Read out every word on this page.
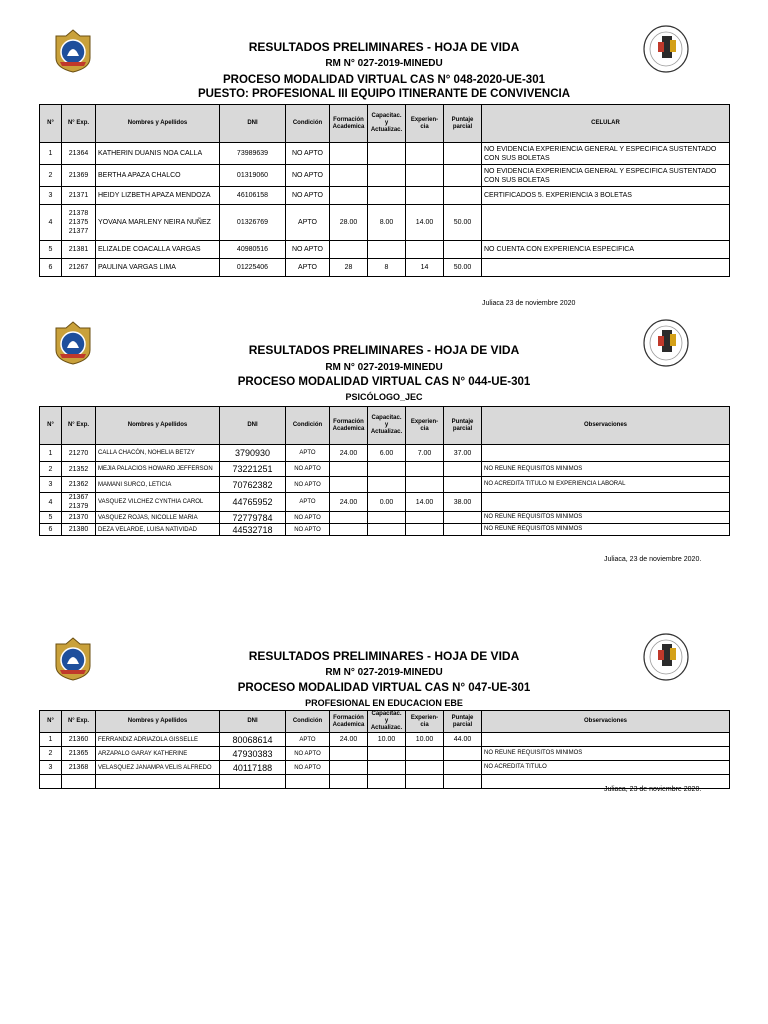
RESULTADOS PRELIMINARES - HOJA DE VIDA
RM N° 027-2019-MINEDU
PROCESO MODALIDAD VIRTUAL CAS N° 048-2020-UE-301
PUESTO: PROFESIONAL III EQUIPO ITINERANTE DE CONVIVENCIA
N°	N° Exp.	Nombres y Apellidos	DNI	Condición	Formación Academica	Capacitac. y Actualizac.	Experien-cia	Puntaje parcial	CELULAR
1	21364	KATHERIN DUANIS NOA CALLA	73989639	NO APTO					NO EVIDENCIA EXPERIENCIA GENERAL Y ESPECIFICA SUSTENTADO CON SUS BOLETAS
2	21369	BERTHA APAZA CHALCO	01319060	NO APTO					NO EVIDENCIA EXPERIENCIA GENERAL Y ESPECIFICA SUSTENTADO CON SUS BOLETAS
3	21371	HEIDY LIZBETH APAZA MENDOZA	46106158	NO APTO					CERTIFICADOS 5. EXPERIENCIA 3 BOLETAS
4	21378 21375 21377	YOVANA MARLENY NEIRA NUÑEZ	01326769	APTO	28.00	8.00	14.00	50.00	
5	21381	ELIZALDE COACALLA VARGAS	40980516	NO APTO					NO CUENTA CON EXPERIENCIA ESPECIFICA
6	21267	PAULINA VARGAS LIMA	01225406	APTO	28	8	14	50.00	
Juliaca 23 de noviembre 2020
RESULTADOS PRELIMINARES - HOJA DE VIDA
RM N° 027-2019-MINEDU
PROCESO MODALIDAD VIRTUAL CAS N° 044-UE-301
PSICÓLOGO_JEC
N°	N° Exp.	Nombres y Apellidos	DNI	Condición	Formación Academica	Capacitac. y Actualizac.	Experien-cia	Puntaje parcial	Observaciones
1	21270	CALLA CHACÓN, NOHELIA BETZY	3790930	APTO	24.00	6.00	7.00	37.00	
2	21352	MEJIA PALACIOS HOWARD JEFFERSON	73221251	NO APTO					NO REUNE REQUISITOS MINIMOS
3	21362	MAMANI SURCO, LETICIA	70762382	NO APTO					NO ACREDITA TITULO NI EXPERIENCIA LABORAL
4	21367 21379	VASQUEZ VILCHEZ CYNTHIA CAROL	44765952	APTO	24.00	0.00	14.00	38.00	
5	21370	VASQUEZ ROJAS, NICOLLE MARIA	72779784	NO APTO					NO REUNE REQUISITOS MINIMOS
6	21380	DEZA VELARDE, LUISA NATIVIDAD	44532718	NO APTO					NO REUNE REQUISITOS MINIMOS
Juliaca, 23 de noviembre 2020.
RESULTADOS PRELIMINARES - HOJA DE VIDA
RM N° 027-2019-MINEDU
PROCESO MODALIDAD VIRTUAL CAS N° 047-UE-301
PROFESIONAL EN EDUCACION EBE
N°	N° Exp.	Nombres y Apellidos	DNI	Condición	Formación Academica	Capacitac. y Actualizac.	Experien-cia	Puntaje parcial	Observaciones
1	21360	FERRANDIZ ADRIAZOLA GISSELLE	80068614	APTO	24.00	10.00	10.00	44.00	
2	21365	ARZAPALO GARAY KATHERINE	47930383	NO APTO					NO REUNE REQUISITOS MINIMOS
3	21368	VELASQUEZ JANAMPA VELIS ALFREDO	40117188	NO APTO					NO ACREDITA TITULO

Juliaca, 23 de noviembre 2020.
